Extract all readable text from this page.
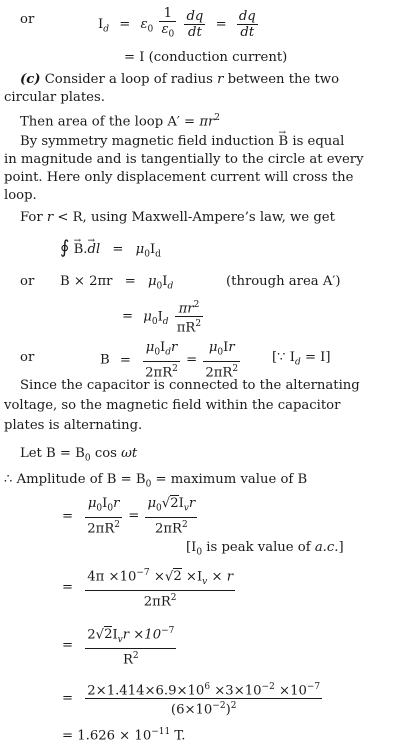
or	$I_d = \varepsilon_0 \frac{1}{\varepsilon_0}$
$\frac{dq}{dt} = \frac{dq}{dt}$
= I (conduction current)
(c) Consider a loop of radius r between the two
circular plates.
Then area of the loop $A' = \pi r^2$
By symmetry magnetic field induction → B is equal
in magnitude and is tangentially to the circle at every
point. Here only displacement current will cross the
loop.
For r < R, using Maxwell-Ampere’s law, we get
∮ → B.→ dl = $\mu_0I_d$
or $B \times 2\pi r = \mu_0I_d$	(through area A′)
= $\mu_0I_d \frac{\pi r^2}{\pi R^2}$
or	B =
$\mu_0I_dr$
$2\pi R^2$
= $\frac{\mu_0Ir}{2\pi R^2}$ [∵ $I_d = I$]
Since the capacitor is connected to the alternating
voltage, so the magnetic field within the capacitor
plates is alternating.
Let $B = B_0$ cos ωt
∴ Amplitude of $B = B_0$ = maximum value of B
= $\frac{\mu_0I_0r}{2\pi R^2}$ =
$\mu_0√2I_vr$
$2\pi R^2$
[$I_0$ is peak value of a.c.]
= $\frac{4\pi \times 10^{-7} \times√2 \times I_v \times r}{2\pi R^2}$
=
$2√2I_vr \times 10^{-7}$
$R^2$
= $\frac{2\times 1.414\times 6.9\times 10^6 \times 3\times 10^{-2} \times 10^{-7}}{(6\times 10^{-2})^2}$
= $1.626 \times 10^{-11}$ T.
